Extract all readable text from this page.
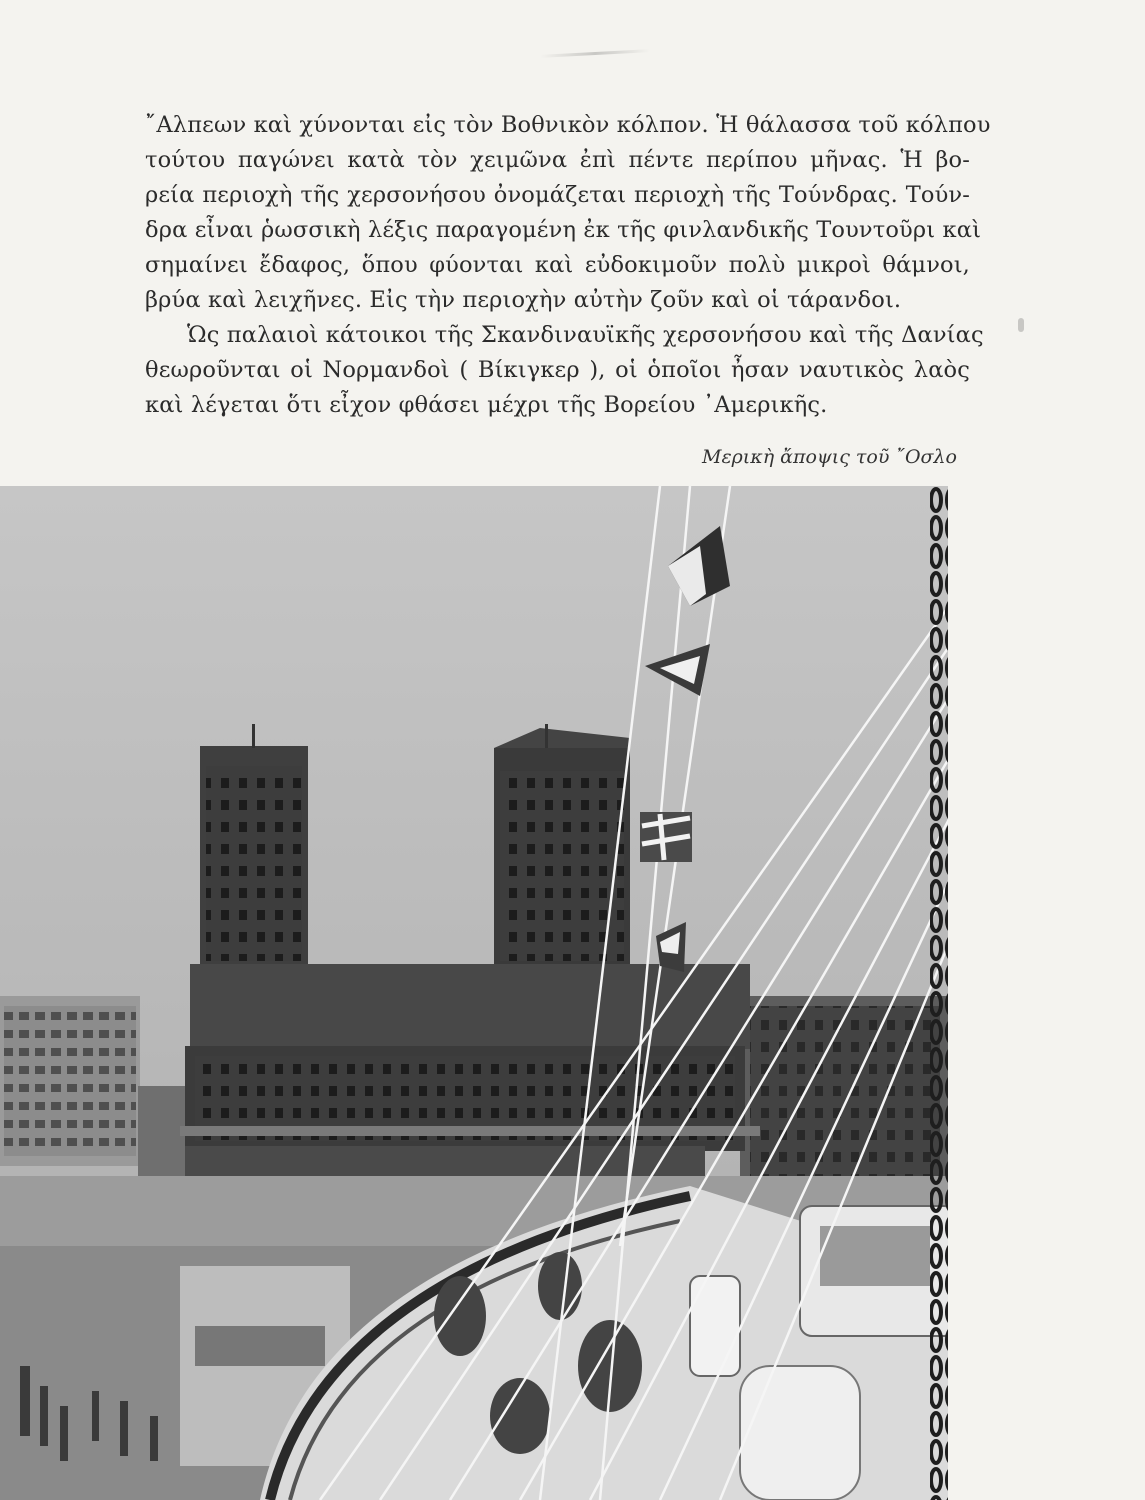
῎Αλπεων καὶ χύνονται εἰς τὸν Βοθνικὸν κόλπον. Ἡ θάλασσα τοῦ κόλπου
τούτου παγώνει κατὰ τὸν χειμῶνα ἐπὶ πέντε περίπου μῆνας. Ἡ βο-
ρεία περιοχὴ τῆς χερσονήσου ὀνομάζεται περιοχὴ τῆς Τούνδρας. Τούν-
δρα εἶναι ῥωσσικὴ λέξις παραγομένη ἐκ τῆς φινλανδικῆς Τουντοῦρι καὶ
σημαίνει ἔδαφος, ὅπου φύονται καὶ εὐδοκιμοῦν πολὺ μικροὶ θάμνοι,
βρύα καὶ λειχῆνες. Εἰς τὴν περιοχὴν αὐτὴν ζοῦν καὶ οἱ τάρανδοι.
Ὡς παλαιοὶ κάτοικοι τῆς Σκανδιναυϊκῆς χερσονήσου καὶ τῆς Δανίας
θεωροῦνται οἱ Νορμανδοὶ ( Βίκιγκερ ), οἱ ὁποῖοι ἦσαν ναυτικὸς λαὸς
καὶ λέγεται ὅτι εἶχον φθάσει μέχρι τῆς Βορείου ᾿Αμερικῆς.
Μερικὴ ἄποψις τοῦ ῎Οσλο
